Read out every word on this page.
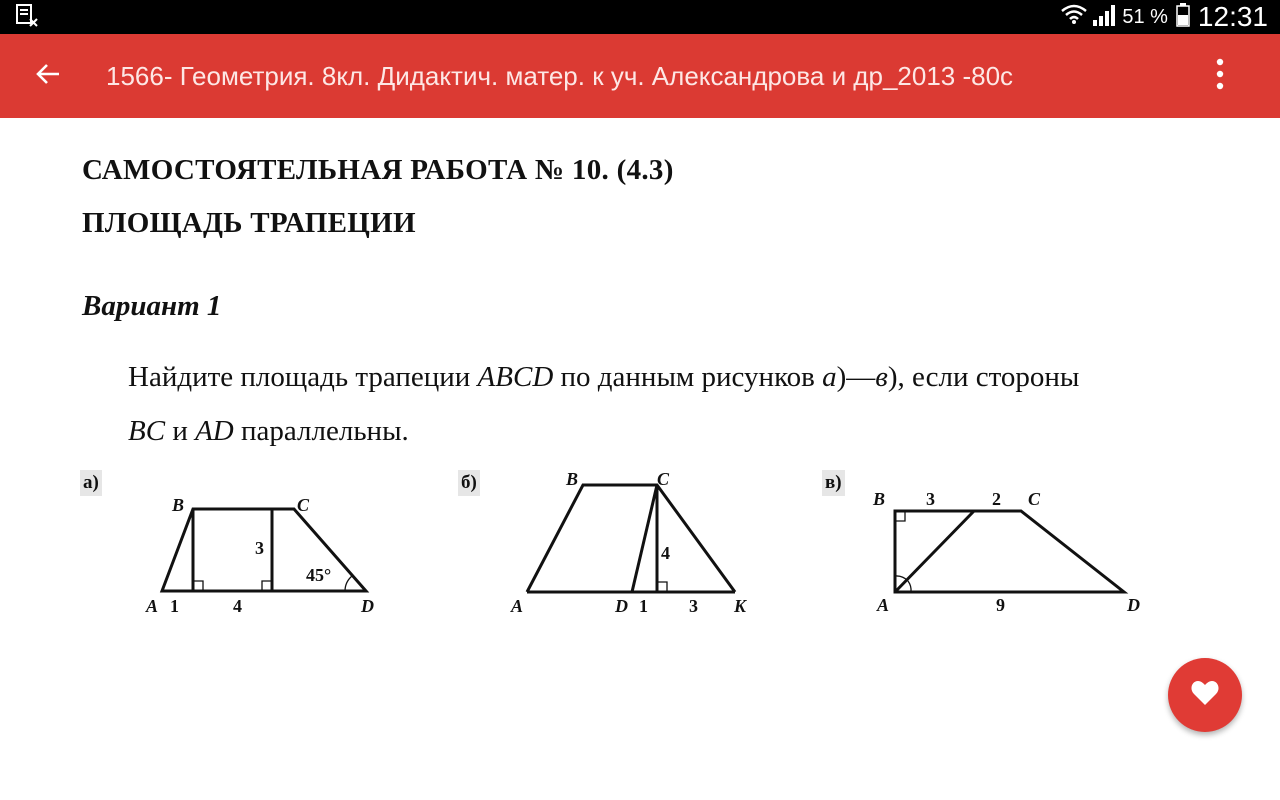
51 % 12:31
1566- Геометрия. 8кл. Дидактич. матер. к уч. Александрова и др_2013 -80с
САМОСТОЯТЕЛЬНАЯ РАБОТА № 10. (4.3)
ПЛОЩАДЬ ТРАПЕЦИИ
Вариант 1
Найдите площадь трапеции ABCD по данным рисунков а)—в), если стороны
BC и AD параллельны.
а)
B	C
A	D
1	4
3
45°
б)	B	C
A	D	K
4
1 3
в)
B	C
A	D
3	2
9
